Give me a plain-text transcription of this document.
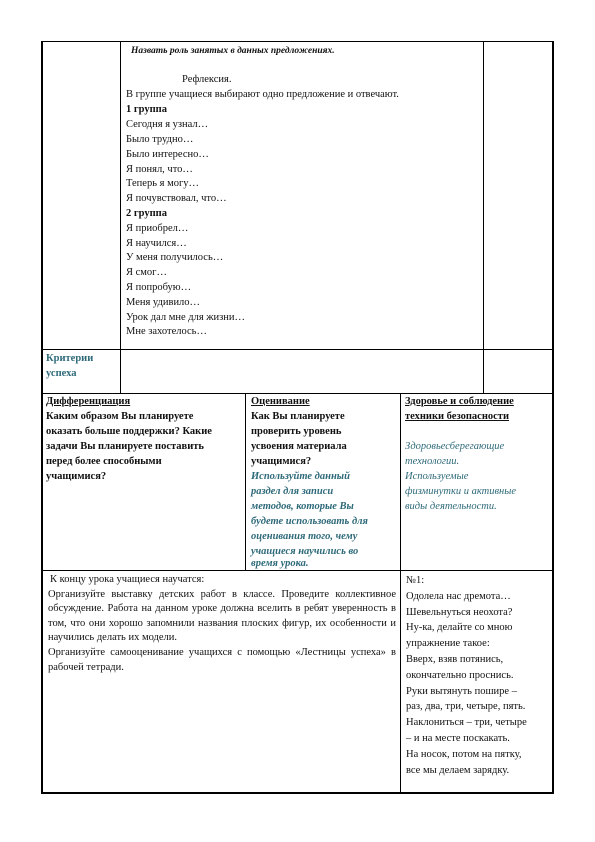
Назвать роль занятых в данных предложениях.
Рефлексия.
В группе учащиеся выбирают одно предложение и отвечают.
1 группа
Сегодня я узнал…
Было трудно…
Было интересно…
Я понял, что…
Теперь я могу…
Я почувствовал, что…
2 группа
Я приобрел…
Я научился…
У меня получилось…
Я смог…
Я попробую…
Меня удивило…
Урок дал мне для жизни…
Мне захотелось…
Критерии
успеха
Дифференциация
Каким образом Вы планируете
оказать больше поддержки? Какие
задачи Вы планируете поставить
перед более способными
учащимися?
Оценивание
Как Вы планируете
проверить уровень
усвоения материала
учащимися?
Используйте данный
раздел для записи
методов, которые Вы
будете использовать для
оценивания того, чему
учащиеся научились во
время урока.
Здоровье и соблюдение
техники безопасности
Здоровьесберегающие
технологии.
Используемые
физминутки и активные
виды деятельности.
К концу урока учащиеся научатся:
Организуйте выставку детских работ в классе. Проведите коллективное обсуждение. Работа на данном уроке должна вселить в ребят уверенность в том, что они хорошо запомнили названия плоских фигур, их особенности и научились делать их модели.
Организуйте самооценивание учащихся с помощью «Лестницы успеха» в рабочей тетради.
№1:
Одолела нас дремота…
Шевельнуться неохота?
Ну-ка, делайте со мною
упражнение такое:
Вверх, взяв потянись,
окончательно проснись.
Руки вытянуть пошире –
раз, два, три, четыре, пять.
Наклониться – три, четыре
– и на месте поскакать.
На носок, потом на пятку,
все мы делаем зарядку.
